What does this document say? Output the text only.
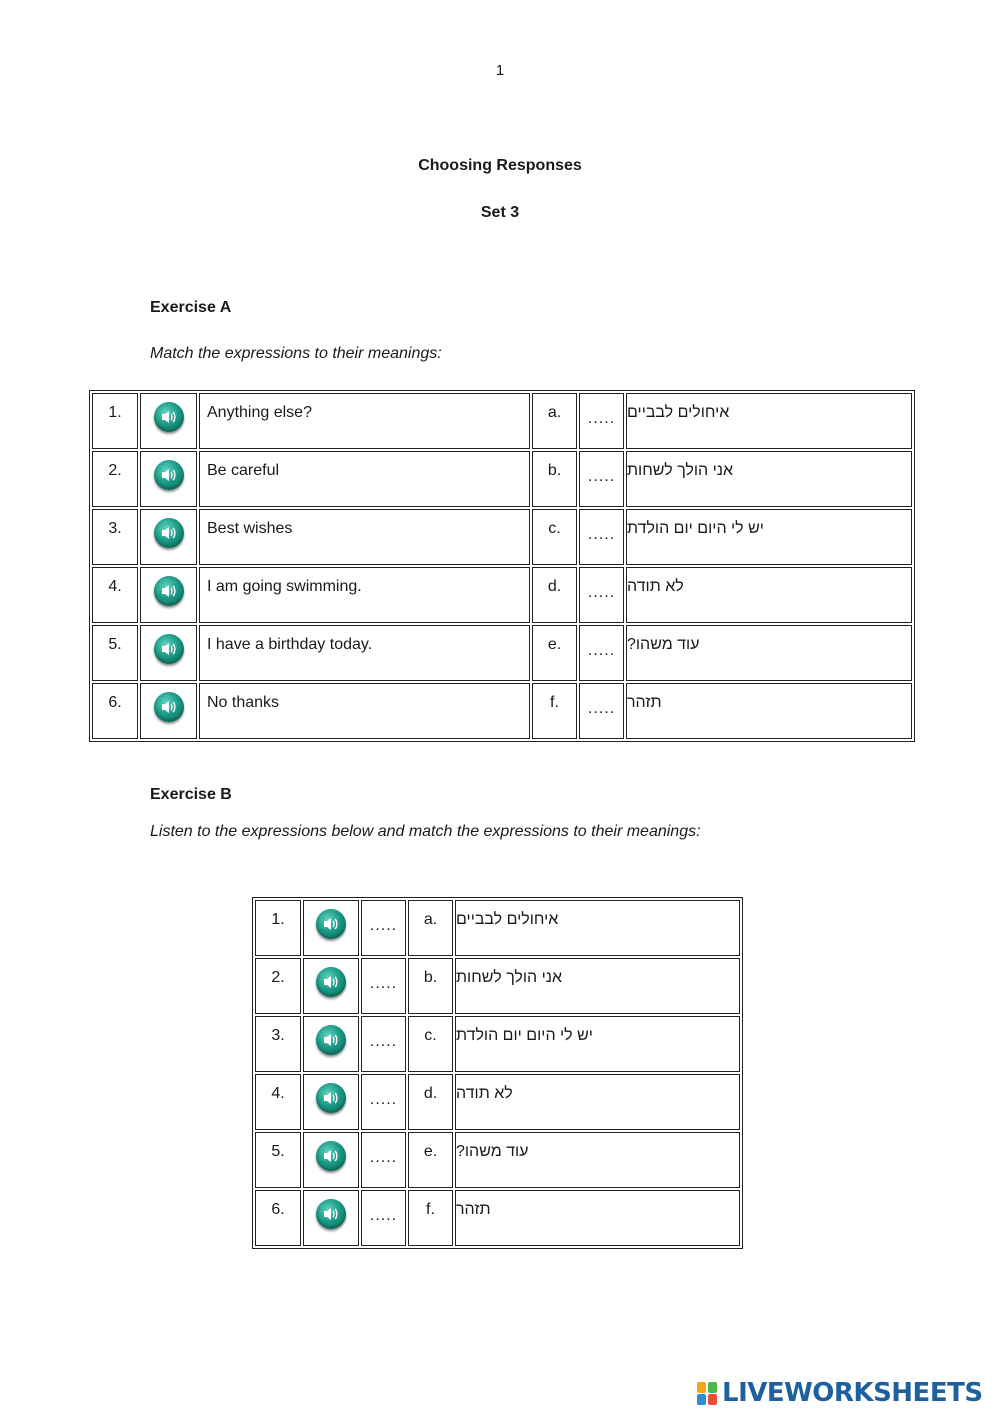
1
Choosing Responses
Set 3
Exercise A
Match the expressions to their meanings:
1.		Anything else?	a.	.....	איחולים לבביים
2.		Be careful	b.	.....	אני הולך לשחות
3.		Best wishes	c.	.....	יש לי היום יום הולדת
4.		I am going swimming.	d.	.....	לא תודה
5.		I have a birthday today.	e.	.....	עוד משהו?
6.		No thanks	f.	.....	תזהר
Exercise B
Listen to the expressions below and match the expressions to their meanings:
1.		.....	a.	איחולים לבביים
2.		.....	b.	אני הולך לשחות
3.		.....	c.	יש לי היום יום הולדת
4.		.....	d.	לא תודה
5.		.....	e.	עוד משהו?
6.		.....	f.	תזהר
LIVEWORKSHEETS
